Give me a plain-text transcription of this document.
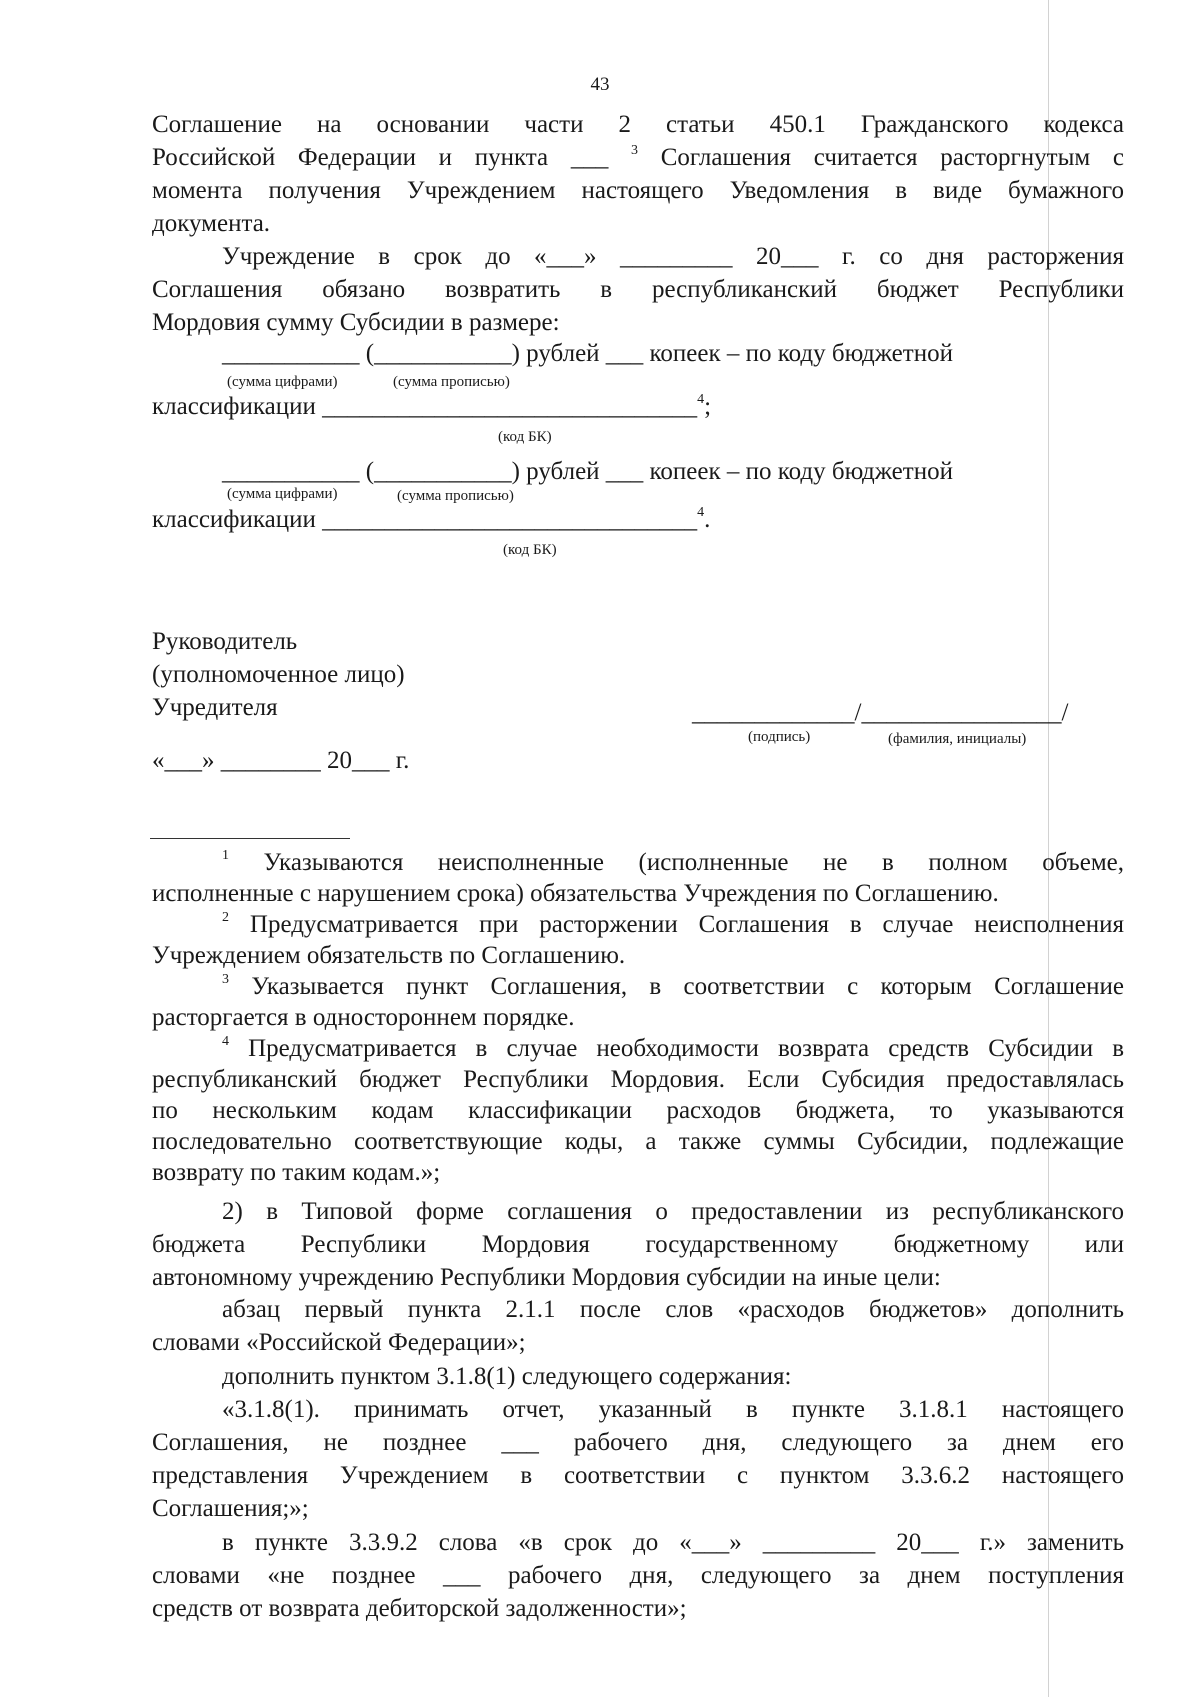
43

Соглашение на основании части 2 статьи 450.1 Гражданского кодекса

Российской Федерации и пункта ___ $^3$ Соглашения считается расторгнутым с

момента получения Учреждением настоящего Уведомления в виде бумажного

документа.

Учреждение в срок до «___» _________ 20___ г. со дня расторжения

Соглашения обязано возвратить в республиканский бюджет Республики

Мордовия сумму Субсидии в размере:

___________ (___________) рублей ___ копеек – по коду бюджетной
(сумма цифрами)	(сумма прописью)
классификации ______________________________$^4$;
(код БК)
___________ (___________) рублей ___ копеек – по коду бюджетной
(сумма цифрами)	(сумма прописью)
классификации ______________________________$^4$.
(код БК)
Руководитель
(уполномоченное лицо)
Учредителя	_____________/________________/
(подпись)	(фамилия, инициалы)
«___» ________ 20___ г.

$^1$ Указываются неисполненные (исполненные не в полном объеме,

исполненные с нарушением срока) обязательства Учреждения по Соглашению.

$^2$ Предусматривается при расторжении Соглашения в случае неисполнения

Учреждением обязательств по Соглашению.

$^3$ Указывается пункт Соглашения, в соответствии с которым Соглашение

расторгается в одностороннем порядке.

$^4$ Предусматривается в случае необходимости возврата средств Субсидии в

республиканский бюджет Республики Мордовия. Если Субсидия предоставлялась

по нескольким кодам классификации расходов бюджета, то указываются

последовательно соответствующие коды, а также суммы Субсидии, подлежащие

возврату по таким кодам.»;

2) в Типовой форме соглашения о предоставлении из республиканского

бюджета Республики Мордовия государственному бюджетному или

автономному учреждению Республики Мордовия субсидии на иные цели:

абзац первый пункта 2.1.1 после слов «расходов бюджетов» дополнить

словами «Российской Федерации»;

дополнить пунктом 3.1.8(1) следующего содержания:

«3.1.8(1). принимать отчет, указанный в пункте 3.1.8.1 настоящего

Соглашения, не позднее ___ рабочего дня, следующего за днем его

представления Учреждением в соответствии с пунктом 3.3.6.2 настоящего

Соглашения;»;

в пункте 3.3.9.2 слова «в срок до «___» _________ 20___ г.» заменить

словами «не позднее ___ рабочего дня, следующего за днем поступления

средств от возврата дебиторской задолженности»;
